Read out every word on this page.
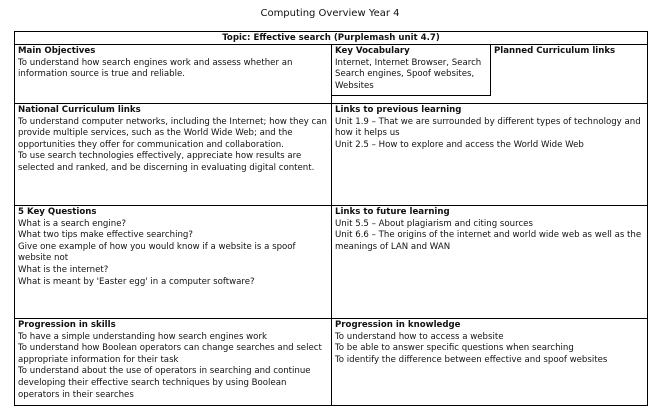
Computing Overview Year 4
Topic: Effective search (Purplemash unit 4.7)
Main Objectives

To understand how search engines work and assess whether an information source is true and reliable.

Key Vocabulary

Internet, Internet Browser, Search Search engines, Spoof websites, Websites

Planned Curriculum links
National Curriculum links

To understand computer networks, including the Internet; how they can provide multiple services, such as the World Wide Web; and the opportunities they offer for communication and collaboration.

To use search technologies effectively, appreciate how results are selected and ranked, and be discerning in evaluating digital content.

Links to previous learning

Unit 1.9 – That we are surrounded by different types of technology and how it helps us

Unit 2.5 – How to explore and access the World Wide Web

5 Key Questions

What is a search engine?

What two tips make effective searching?

Give one example of how you would know if a website is a spoof website not

What is the internet?

What is meant by 'Easter egg' in a computer software?

Links to future learning

Unit 5.5 – About plagiarism and citing sources

Unit 6.6 – The origins of the internet and world wide web as well as the meanings of LAN and WAN

Progression in skills

To have a simple understanding how search engines work

To understand how Boolean operators can change searches and select appropriate information for their task

To understand about the use of operators in searching and continue developing their effective search techniques by using Boolean operators in their searches

Progression in knowledge

To understand how to access a website

To be able to answer specific questions when searching

To identify the difference between effective and spoof websites
